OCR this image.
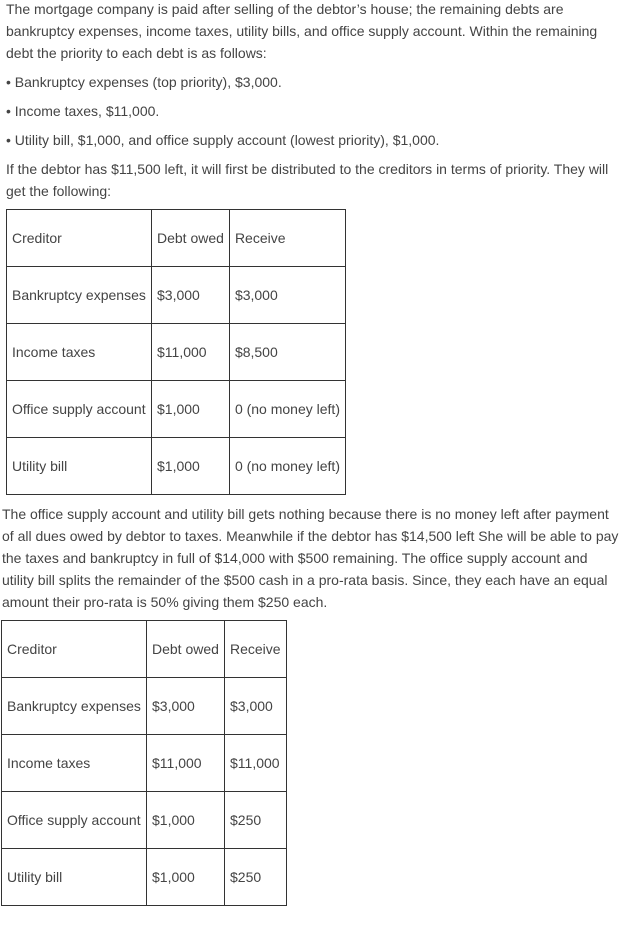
The mortgage company is paid after selling of the debtor’s house; the remaining debts are bankruptcy expenses, income taxes, utility bills, and office supply account. Within the remaining debt the priority to each debt is as follows:

• Bankruptcy expenses (top priority), $3,000.
• Income taxes, $11,000.
• Utility bill, $1,000, and office supply account (lowest priority), $1,000.

If the debtor has $11,500 left, it will first be distributed to the creditors in terms of priority. They will get the following:

Creditor	Debt owed	Receive
Bankruptcy expenses	$3,000	$3,000
Income taxes	$11,000	$8,500
Office supply account	$1,000	0 (no money left)
Utility bill	$1,000	0 (no money left)

The office supply account and utility bill gets nothing because there is no money left after payment of all dues owed by debtor to taxes. Meanwhile if the debtor has $14,500 left She will be able to pay the taxes and bankruptcy in full of $14,000 with $500 remaining. The office supply account and utility bill splits the remainder of the $500 cash in a pro-rata basis. Since, they each have an equal amount their pro-rata is 50% giving them $250 each.

Creditor	Debt owed	Receive
Bankruptcy expenses	$3,000	$3,000
Income taxes	$11,000	$11,000
Office supply account	$1,000	$250
Utility bill	$1,000	$250
